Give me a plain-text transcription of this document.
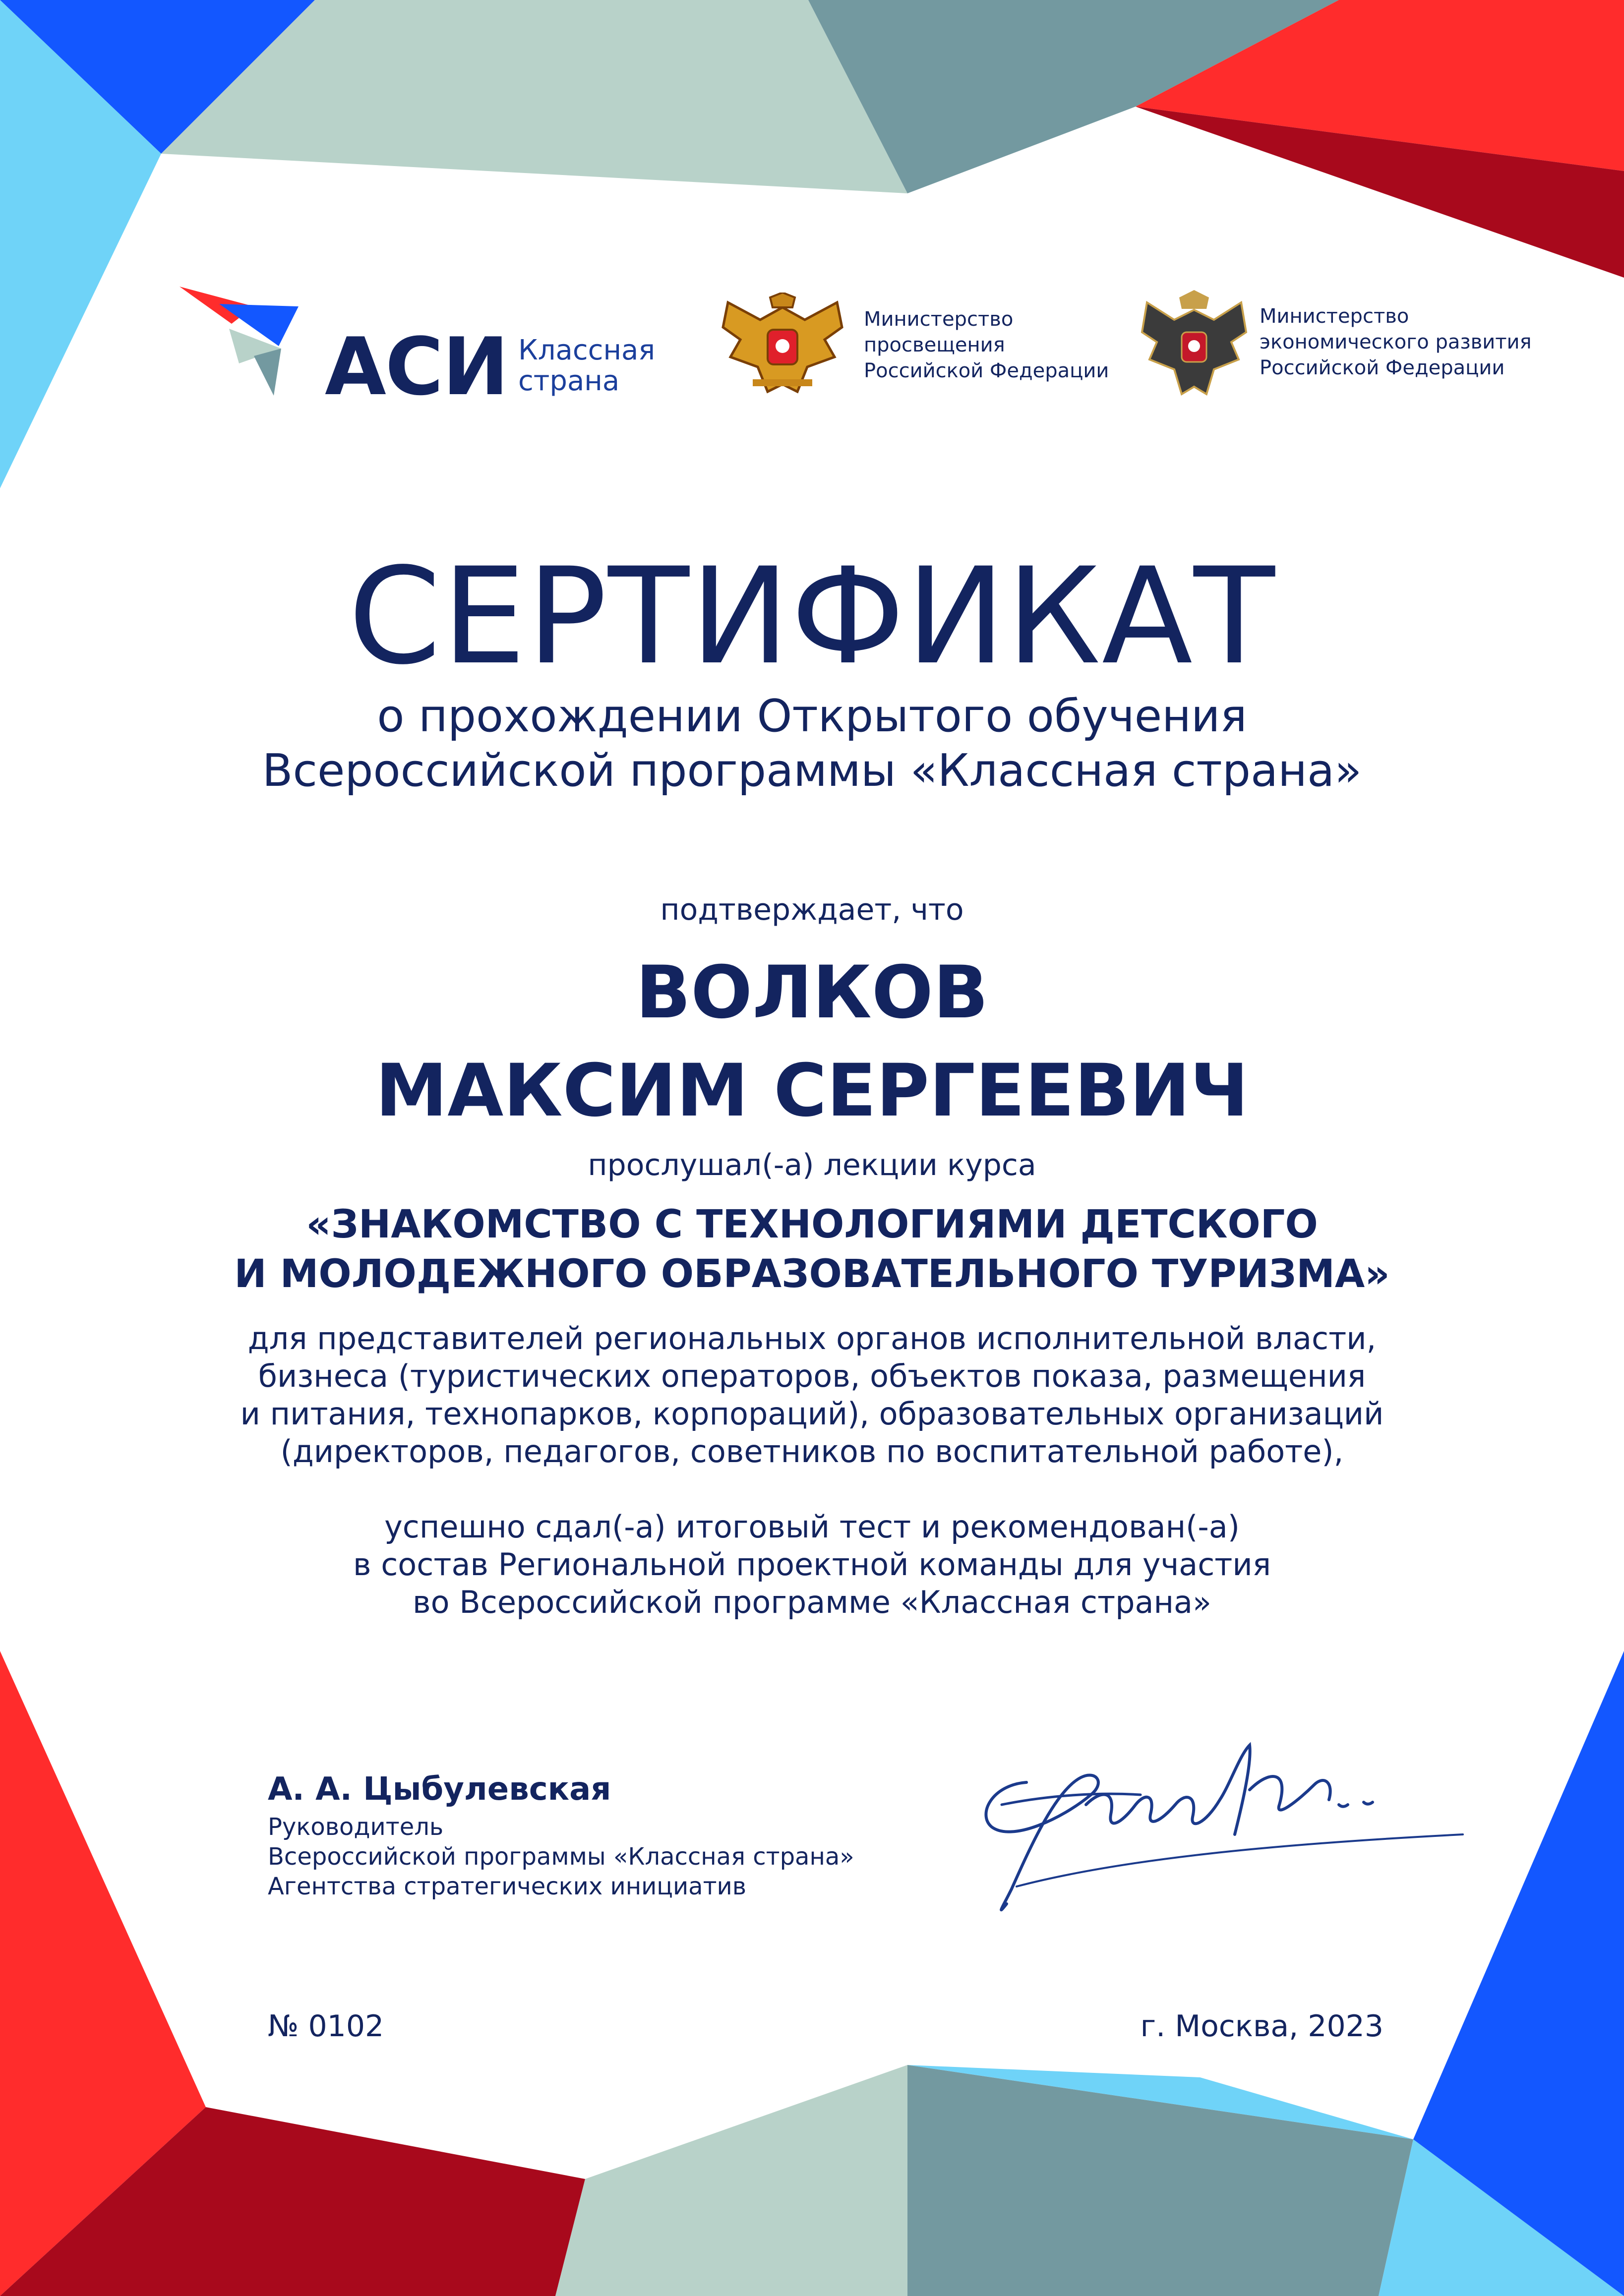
АСИ Классная
страна
Министерство
просвещения
Российской Федерации
Министерство
экономического развития
Российской Федерации
СЕРТИФИКАТ
о прохождении Открытого обучения
Всероссийской программы «Классная страна»
подтверждает, что
ВОЛКОВ
МАКСИМ СЕРГЕЕВИЧ
прослушал(-а) лекции курса
«ЗНАКОМСТВО С ТЕХНОЛОГИЯМИ ДЕТСКОГО
И МОЛОДЕЖНОГО ОБРАЗОВАТЕЛЬНОГО ТУРИЗМА»
для представителей региональных органов исполнительной власти,
бизнеса (туристических операторов, объектов показа, размещения
и питания, технопарков, корпораций), образовательных организаций
(директоров, педагогов, советников по воспитательной работе),
успешно сдал(-а) итоговый тест и рекомендован(-а)
в состав Региональной проектной команды для участия
во Всероссийской программе «Классная страна»
А. А. Цыбулевская
Руководитель
Всероссийской программы «Классная страна»
Агентства стратегических инициатив
№ 0102	г. Москва, 2023
